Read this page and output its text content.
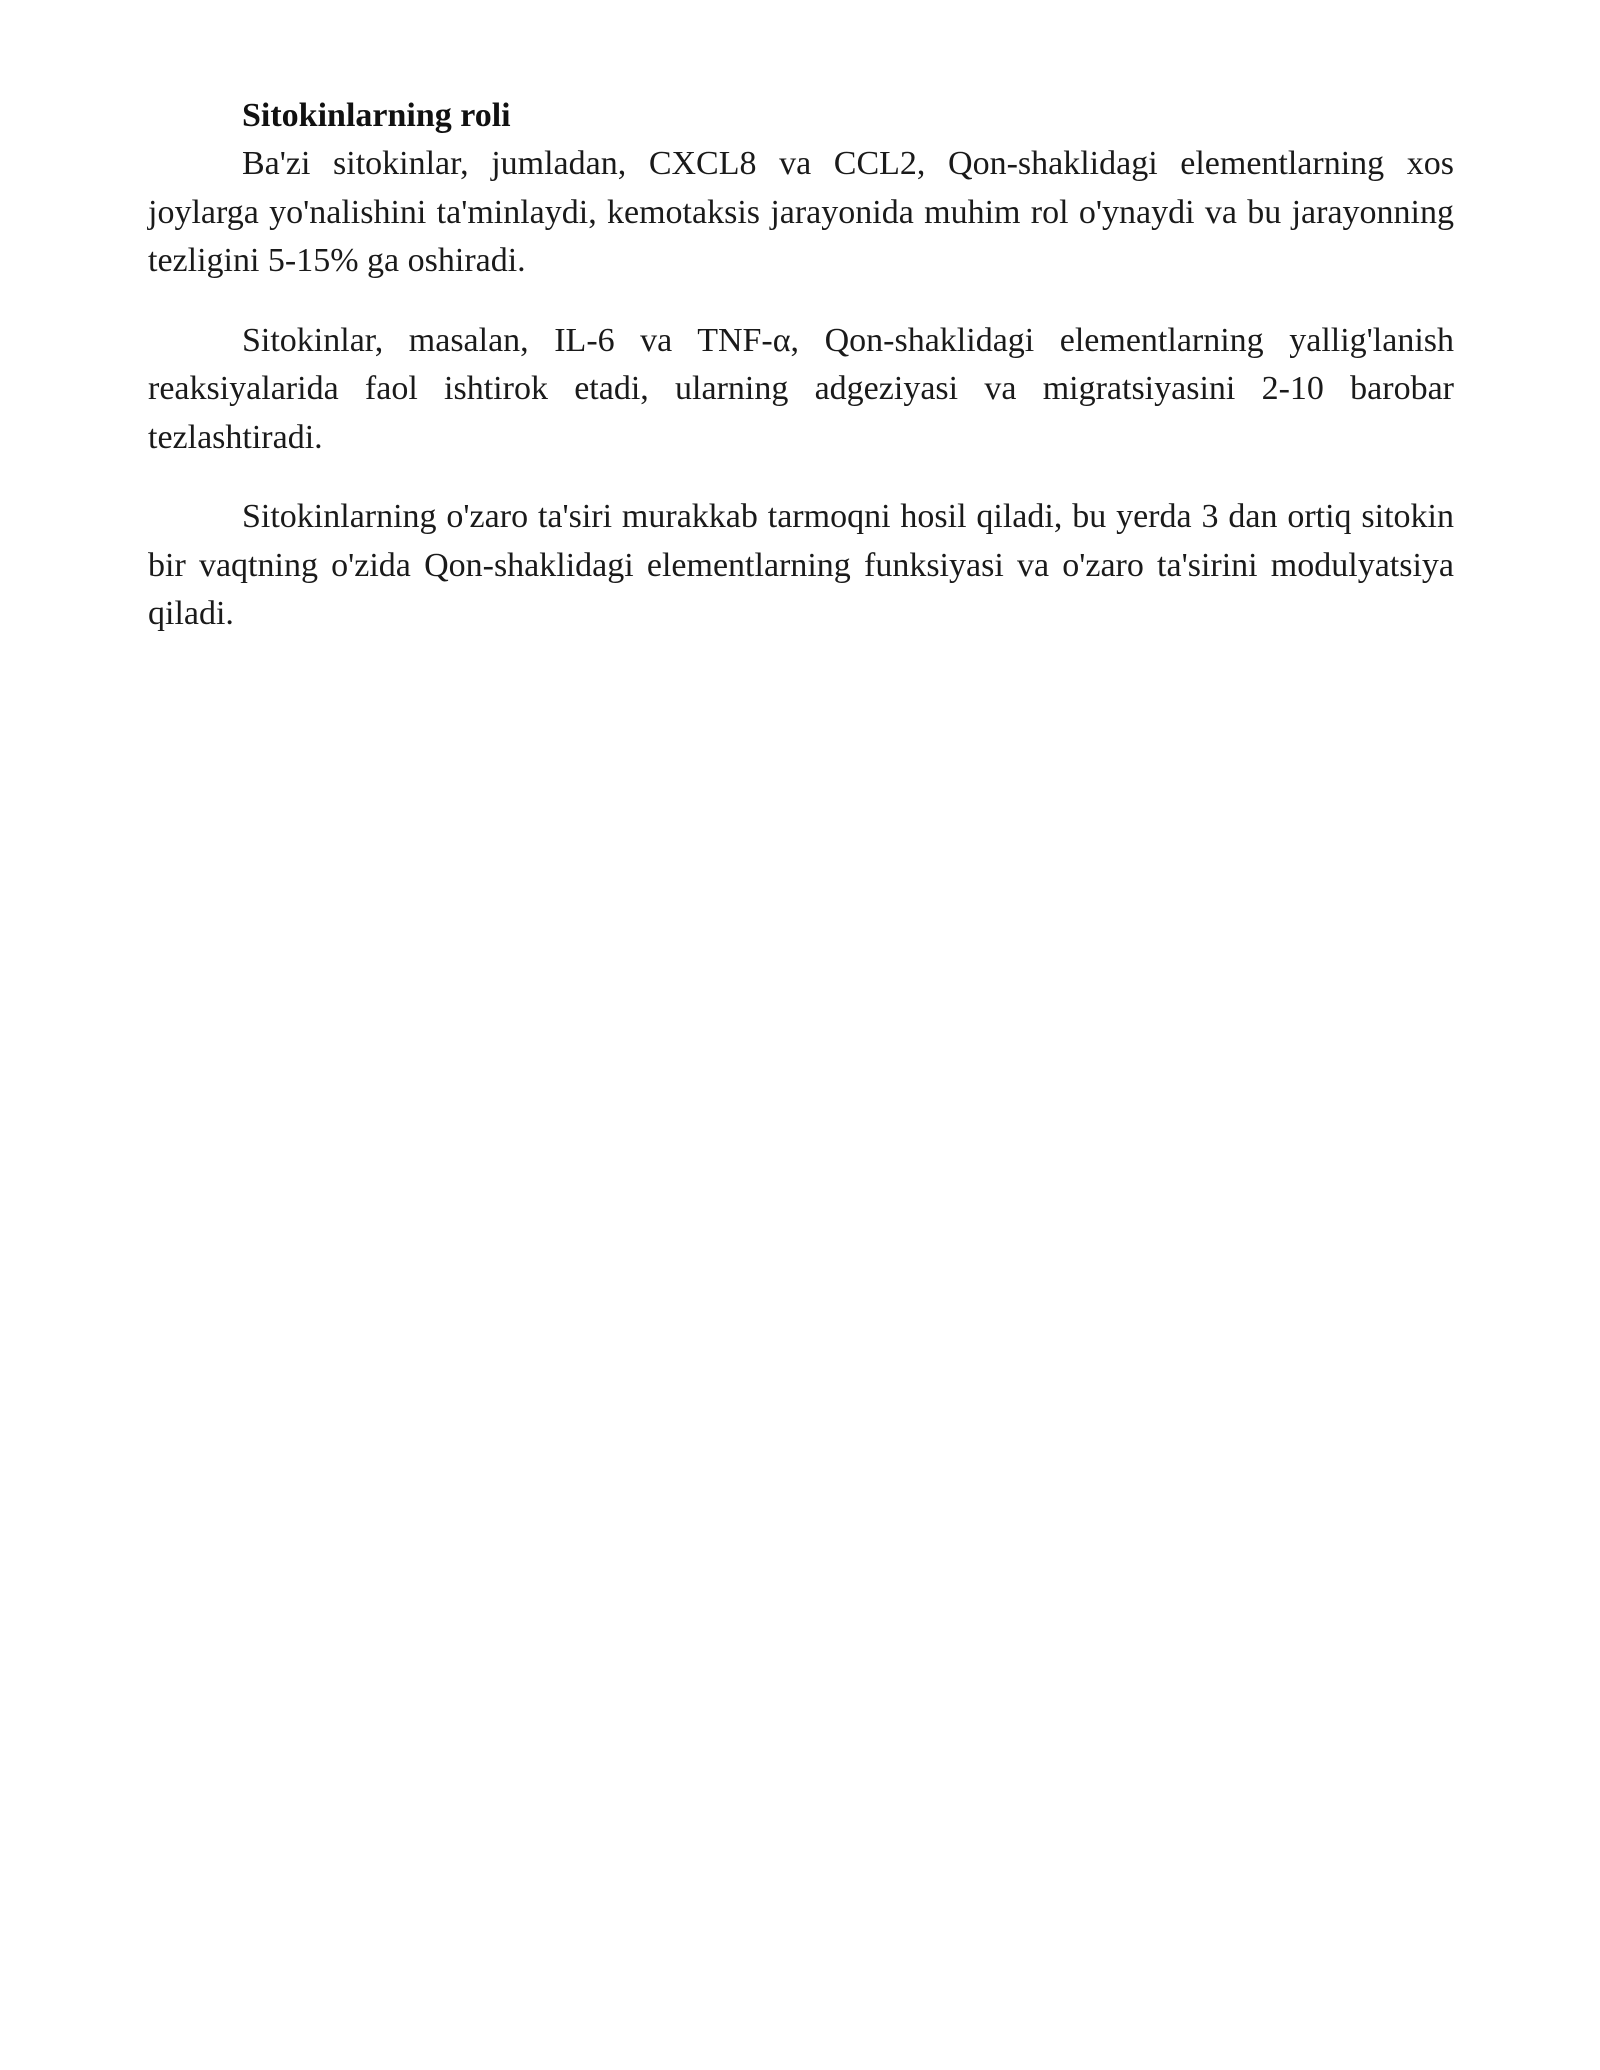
Sitokinlarning roli

Ba'zi sitokinlar, jumladan, CXCL8 va CCL2, Qon-shaklidagi elementlarning xos joylarga yo'nalishini ta'minlaydi, kemotaksis jarayonida muhim rol o'ynaydi va bu jarayonning tezligini 5-15% ga oshiradi.

Sitokinlar, masalan, IL-6 va TNF-α, Qon-shaklidagi elementlarning yallig'lanish reaksiyalarida faol ishtirok etadi, ularning adgeziyasi va migratsiyasini 2-10 barobar tezlashtiradi.

Sitokinlarning o'zaro ta'siri murakkab tarmoqni hosil qiladi, bu yerda 3 dan ortiq sitokin bir vaqtning o'zida Qon-shaklidagi elementlarning funksiyasi va o'zaro ta'sirini modulyatsiya qiladi.
